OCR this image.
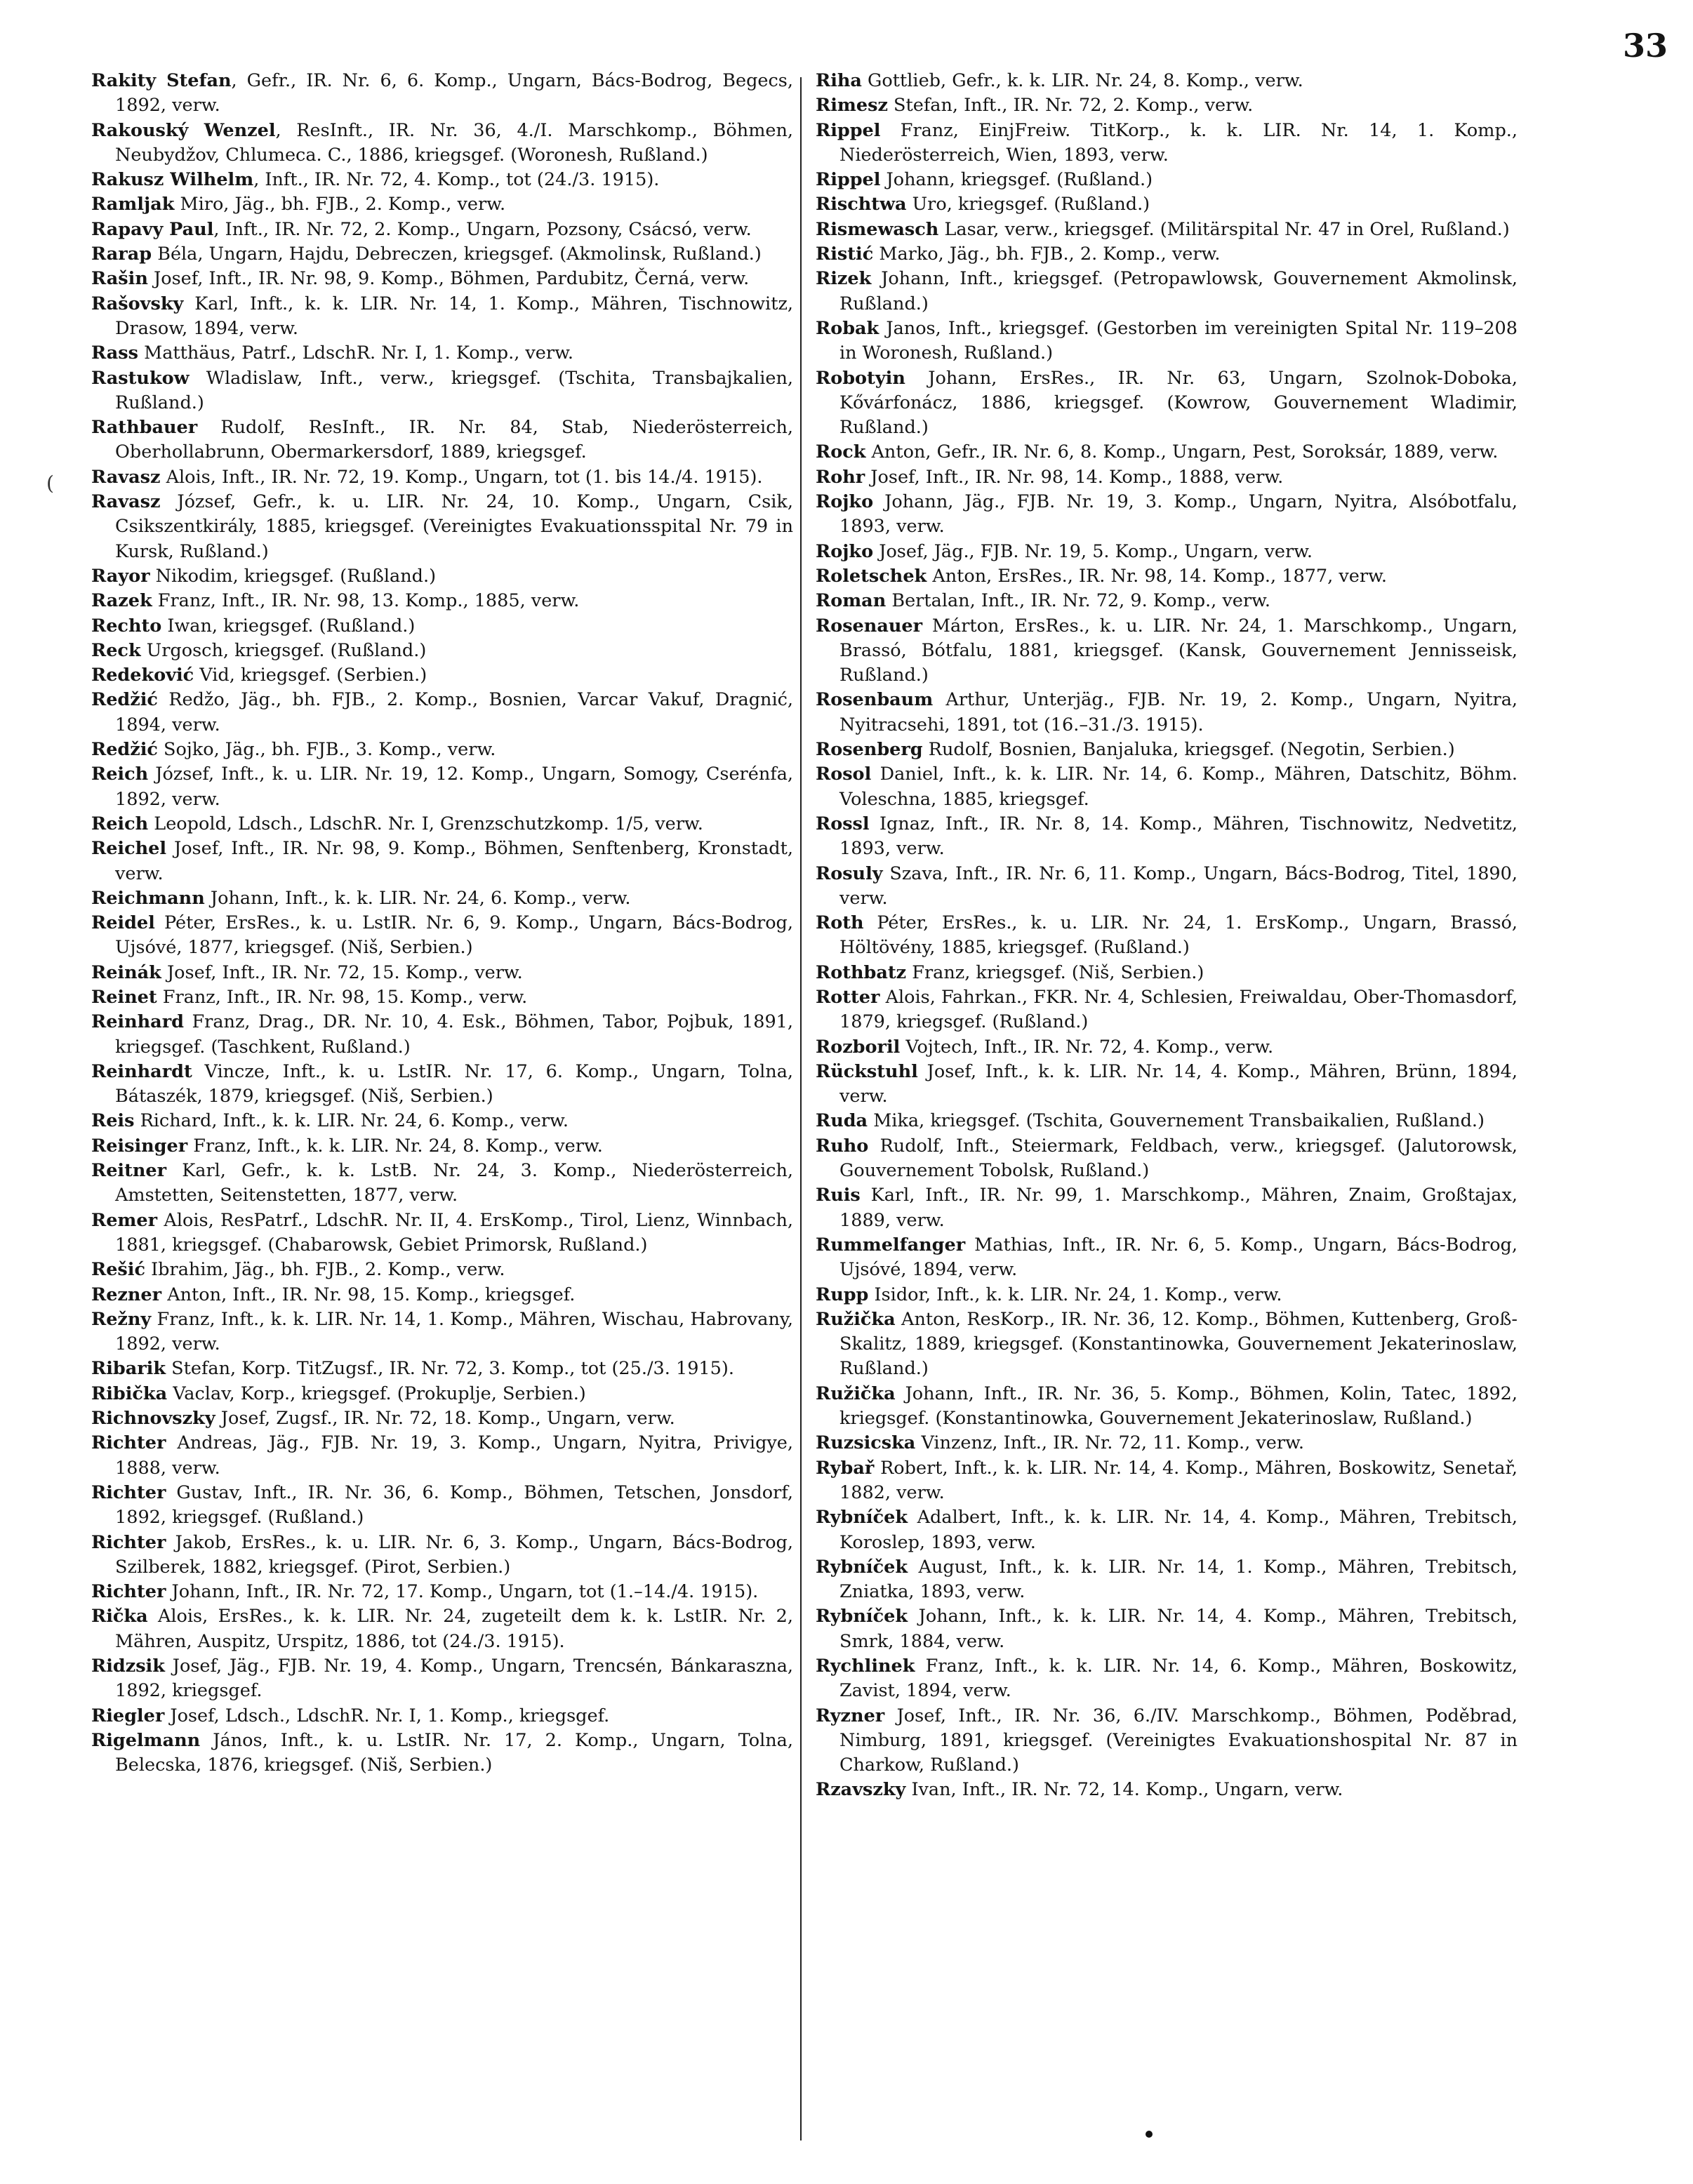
33
(
Rakity Stefan, Gefr., IR. Nr. 6, 6. Komp., Ungarn, Bács-Bodrog, Begecs, 1892, verw.
Rakouský Wenzel, ResInft., IR. Nr. 36, 4./I. Marschkomp., Böhmen, Neubydžov, Chlumeca. C., 1886, kriegsgef. (Woronesh, Rußland.)
Rakusz Wilhelm, Inft., IR. Nr. 72, 4. Komp., tot (24./3. 1915).
Ramljak Miro, Jäg., bh. FJB., 2. Komp., verw.
Rapavy Paul, Inft., IR. Nr. 72, 2. Komp., Ungarn, Pozsony, Csácsó, verw.
Rarap Béla, Ungarn, Hajdu, Debreczen, kriegsgef. (Akmolinsk, Rußland.)
Rašin Josef, Inft., IR. Nr. 98, 9. Komp., Böhmen, Pardubitz, Černá, verw.
Rašovsky Karl, Inft., k. k. LIR. Nr. 14, 1. Komp., Mähren, Tischnowitz, Drasow, 1894, verw.
Rass Matthäus, Patrf., LdschR. Nr. I, 1. Komp., verw.
Rastukow Wladislaw, Inft., verw., kriegsgef. (Tschita, Transbajkalien, Rußland.)
Rathbauer Rudolf, ResInft., IR. Nr. 84, Stab, Niederösterreich, Oberhollabrunn, Obermarkersdorf, 1889, kriegsgef.
Ravasz Alois, Inft., IR. Nr. 72, 19. Komp., Ungarn, tot (1. bis 14./4. 1915).
Ravasz József, Gefr., k. u. LIR. Nr. 24, 10. Komp., Ungarn, Csik, Csikszentkirály, 1885, kriegsgef. (Vereinigtes Evakuationsspital Nr. 79 in Kursk, Rußland.)
Rayor Nikodim, kriegsgef. (Rußland.)
Razek Franz, Inft., IR. Nr. 98, 13. Komp., 1885, verw.
Rechto Iwan, kriegsgef. (Rußland.)
Reck Urgosch, kriegsgef. (Rußland.)
Redeković Vid, kriegsgef. (Serbien.)
Redžić Redžo, Jäg., bh. FJB., 2. Komp., Bosnien, Varcar Vakuf, Dragnić, 1894, verw.
Redžić Sojko, Jäg., bh. FJB., 3. Komp., verw.
Reich József, Inft., k. u. LIR. Nr. 19, 12. Komp., Ungarn, Somogy, Cserénfa, 1892, verw.
Reich Leopold, Ldsch., LdschR. Nr. I, Grenzschutzkomp. 1/5, verw.
Reichel Josef, Inft., IR. Nr. 98, 9. Komp., Böhmen, Senftenberg, Kronstadt, verw.
Reichmann Johann, Inft., k. k. LIR. Nr. 24, 6. Komp., verw.
Reidel Péter, ErsRes., k. u. LstIR. Nr. 6, 9. Komp., Ungarn, Bács-Bodrog, Ujsóvé, 1877, kriegsgef. (Niš, Serbien.)
Reinák Josef, Inft., IR. Nr. 72, 15. Komp., verw.
Reinet Franz, Inft., IR. Nr. 98, 15. Komp., verw.
Reinhard Franz, Drag., DR. Nr. 10, 4. Esk., Böhmen, Tabor, Pojbuk, 1891, kriegsgef. (Taschkent, Rußland.)
Reinhardt Vincze, Inft., k. u. LstIR. Nr. 17, 6. Komp., Ungarn, Tolna, Bátaszék, 1879, kriegsgef. (Niš, Serbien.)
Reis Richard, Inft., k. k. LIR. Nr. 24, 6. Komp., verw.
Reisinger Franz, Inft., k. k. LIR. Nr. 24, 8. Komp., verw.
Reitner Karl, Gefr., k. k. LstB. Nr. 24, 3. Komp., Niederösterreich, Amstetten, Seitenstetten, 1877, verw.
Remer Alois, ResPatrf., LdschR. Nr. II, 4. ErsKomp., Tirol, Lienz, Winnbach, 1881, kriegsgef. (Chabarowsk, Gebiet Primorsk, Rußland.)
Rešić Ibrahim, Jäg., bh. FJB., 2. Komp., verw.
Rezner Anton, Inft., IR. Nr. 98, 15. Komp., kriegsgef.
Režny Franz, Inft., k. k. LIR. Nr. 14, 1. Komp., Mähren, Wischau, Habrovany, 1892, verw.
Ribarik Stefan, Korp. TitZugsf., IR. Nr. 72, 3. Komp., tot (25./3. 1915).
Ribička Vaclav, Korp., kriegsgef. (Prokuplje, Serbien.)
Richnovszky Josef, Zugsf., IR. Nr. 72, 18. Komp., Ungarn, verw.
Richter Andreas, Jäg., FJB. Nr. 19, 3. Komp., Ungarn, Nyitra, Privigye, 1888, verw.
Richter Gustav, Inft., IR. Nr. 36, 6. Komp., Böhmen, Tetschen, Jonsdorf, 1892, kriegsgef. (Rußland.)
Richter Jakob, ErsRes., k. u. LIR. Nr. 6, 3. Komp., Ungarn, Bács-Bodrog, Szilberek, 1882, kriegsgef. (Pirot, Serbien.)
Richter Johann, Inft., IR. Nr. 72, 17. Komp., Ungarn, tot (1.–14./4. 1915).
Rička Alois, ErsRes., k. k. LIR. Nr. 24, zugeteilt dem k. k. LstIR. Nr. 2, Mähren, Auspitz, Urspitz, 1886, tot (24./3. 1915).
Ridzsik Josef, Jäg., FJB. Nr. 19, 4. Komp., Ungarn, Trencsén, Bánkaraszna, 1892, kriegsgef.
Riegler Josef, Ldsch., LdschR. Nr. I, 1. Komp., kriegsgef.
Rigelmann János, Inft., k. u. LstIR. Nr. 17, 2. Komp., Ungarn, Tolna, Belecska, 1876, kriegsgef. (Niš, Serbien.)
Riha Gottlieb, Gefr., k. k. LIR. Nr. 24, 8. Komp., verw.
Rimesz Stefan, Inft., IR. Nr. 72, 2. Komp., verw.
Rippel Franz, EinjFreiw. TitKorp., k. k. LIR. Nr. 14, 1. Komp., Niederösterreich, Wien, 1893, verw.
Rippel Johann, kriegsgef. (Rußland.)
Rischtwa Uro, kriegsgef. (Rußland.)
Rismewasch Lasar, verw., kriegsgef. (Militärspital Nr. 47 in Orel, Rußland.)
Ristić Marko, Jäg., bh. FJB., 2. Komp., verw.
Rizek Johann, Inft., kriegsgef. (Petropawlowsk, Gouvernement Akmolinsk, Rußland.)
Robak Janos, Inft., kriegsgef. (Gestorben im vereinigten Spital Nr. 119–208 in Woronesh, Rußland.)
Robotyin Johann, ErsRes., IR. Nr. 63, Ungarn, Szolnok-Doboka, Kővárfonácz, 1886, kriegsgef. (Kowrow, Gouvernement Wladimir, Rußland.)
Rock Anton, Gefr., IR. Nr. 6, 8. Komp., Ungarn, Pest, Soroksár, 1889, verw.
Rohr Josef, Inft., IR. Nr. 98, 14. Komp., 1888, verw.
Rojko Johann, Jäg., FJB. Nr. 19, 3. Komp., Ungarn, Nyitra, Alsóbotfalu, 1893, verw.
Rojko Josef, Jäg., FJB. Nr. 19, 5. Komp., Ungarn, verw.
Roletschek Anton, ErsRes., IR. Nr. 98, 14. Komp., 1877, verw.
Roman Bertalan, Inft., IR. Nr. 72, 9. Komp., verw.
Rosenauer Márton, ErsRes., k. u. LIR. Nr. 24, 1. Marschkomp., Ungarn, Brassó, Bótfalu, 1881, kriegsgef. (Kansk, Gouvernement Jennisseisk, Rußland.)
Rosenbaum Arthur, Unterjäg., FJB. Nr. 19, 2. Komp., Ungarn, Nyitra, Nyitracsehi, 1891, tot (16.–31./3. 1915).
Rosenberg Rudolf, Bosnien, Banjaluka, kriegsgef. (Negotin, Serbien.)
Rosol Daniel, Inft., k. k. LIR. Nr. 14, 6. Komp., Mähren, Datschitz, Böhm. Voleschna, 1885, kriegsgef.
Rossl Ignaz, Inft., IR. Nr. 8, 14. Komp., Mähren, Tischnowitz, Nedvetitz, 1893, verw.
Rosuly Szava, Inft., IR. Nr. 6, 11. Komp., Ungarn, Bács-Bodrog, Titel, 1890, verw.
Roth Péter, ErsRes., k. u. LIR. Nr. 24, 1. ErsKomp., Ungarn, Brassó, Höltövény, 1885, kriegsgef. (Rußland.)
Rothbatz Franz, kriegsgef. (Niš, Serbien.)
Rotter Alois, Fahrkan., FKR. Nr. 4, Schlesien, Freiwaldau, Ober-Thomasdorf, 1879, kriegsgef. (Rußland.)
Rozboril Vojtech, Inft., IR. Nr. 72, 4. Komp., verw.
Rückstuhl Josef, Inft., k. k. LIR. Nr. 14, 4. Komp., Mähren, Brünn, 1894, verw.
Ruda Mika, kriegsgef. (Tschita, Gouvernement Transbaikalien, Rußland.)
Ruho Rudolf, Inft., Steiermark, Feldbach, verw., kriegsgef. (Jalutorowsk, Gouvernement Tobolsk, Rußland.)
Ruis Karl, Inft., IR. Nr. 99, 1. Marschkomp., Mähren, Znaim, Großtajax, 1889, verw.
Rummelfanger Mathias, Inft., IR. Nr. 6, 5. Komp., Ungarn, Bács-Bodrog, Ujsóvé, 1894, verw.
Rupp Isidor, Inft., k. k. LIR. Nr. 24, 1. Komp., verw.
Ružička Anton, ResKorp., IR. Nr. 36, 12. Komp., Böhmen, Kuttenberg, Groß-Skalitz, 1889, kriegsgef. (Konstantinowka, Gouvernement Jekaterinoslaw, Rußland.)
Ružička Johann, Inft., IR. Nr. 36, 5. Komp., Böhmen, Kolin, Tatec, 1892, kriegsgef. (Konstantinowka, Gouvernement Jekaterinoslaw, Rußland.)
Ruzsicska Vinzenz, Inft., IR. Nr. 72, 11. Komp., verw.
Rybař Robert, Inft., k. k. LIR. Nr. 14, 4. Komp., Mähren, Boskowitz, Senetař, 1882, verw.
Rybníček Adalbert, Inft., k. k. LIR. Nr. 14, 4. Komp., Mähren, Trebitsch, Koroslep, 1893, verw.
Rybníček August, Inft., k. k. LIR. Nr. 14, 1. Komp., Mähren, Trebitsch, Zniatka, 1893, verw.
Rybníček Johann, Inft., k. k. LIR. Nr. 14, 4. Komp., Mähren, Trebitsch, Smrk, 1884, verw.
Rychlinek Franz, Inft., k. k. LIR. Nr. 14, 6. Komp., Mähren, Boskowitz, Zavist, 1894, verw.
Ryzner Josef, Inft., IR. Nr. 36, 6./IV. Marschkomp., Böhmen, Poděbrad, Nimburg, 1891, kriegsgef. (Vereinigtes Evakuationshospital Nr. 87 in Charkow, Rußland.)
Rzavszky Ivan, Inft., IR. Nr. 72, 14. Komp., Ungarn, verw.
